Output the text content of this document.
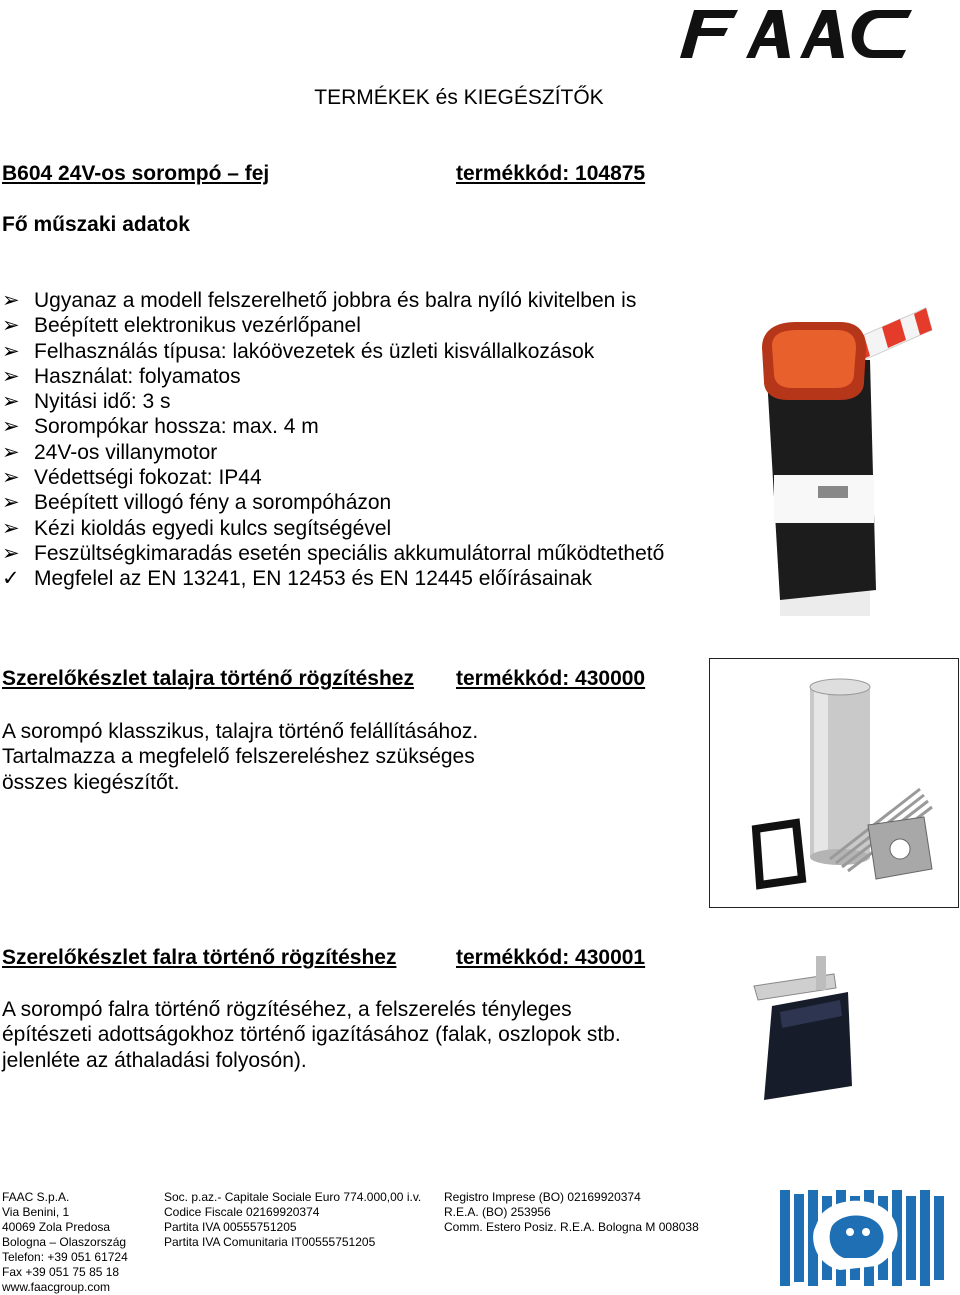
TERMÉKEK és KIEGÉSZÍTŐK
B604 24V-os sorompó – fej	termékkód: 104875
Fő műszaki adatok
➢ Ugyanaz a modell felszerelhető jobbra és balra nyíló kivitelben is
➢ Beépített elektronikus vezérlőpanel
➢ Felhasználás típusa: lakóövezetek és üzleti kisvállalkozások
➢ Használat: folyamatos
➢ Nyitási idő: 3 s
➢ Sorompókar hossza: max. 4 m
➢ 24V-os villanymotor
➢ Védettségi fokozat: IP44
➢ Beépített villogó fény a sorompóházon
➢ Kézi kioldás egyedi kulcs segítségével
➢ Feszültségkimaradás esetén speciális akkumulátorral működtethető
✓ Megfelel az EN 13241, EN 12453 és EN 12445 előírásainak
Szerelőkészlet talajra történő rögzítéshez termékkód: 430000
A sorompó klasszikus, talajra történő felállításához.
Tartalmazza a megfelelő felszereléshez szükséges
összes kiegészítőt.
Szerelőkészlet falra történő rögzítéshez	termékkód: 430001
A sorompó falra történő rögzítéséhez, a felszerelés tényleges
építészeti adottságokhoz történő igazításához (falak, oszlopok stb.
jelenléte az áthaladási folyosón).
FAAC S.p.A.
Via Benini, 1
40069 Zola Predosa
Bologna – Olaszország
Telefon: +39 051 61724
Fax +39 051 75 85 18
www.faacgroup.com
Soc. p.az.- Capitale Sociale Euro 774.000,00 i.v.
Codice Fiscale 02169920374
Partita IVA 00555751205
Partita IVA Comunitaria IT00555751205
Registro Imprese (BO) 02169920374
R.E.A. (BO) 253956
Comm. Estero Posiz. R.E.A. Bologna M 008038
